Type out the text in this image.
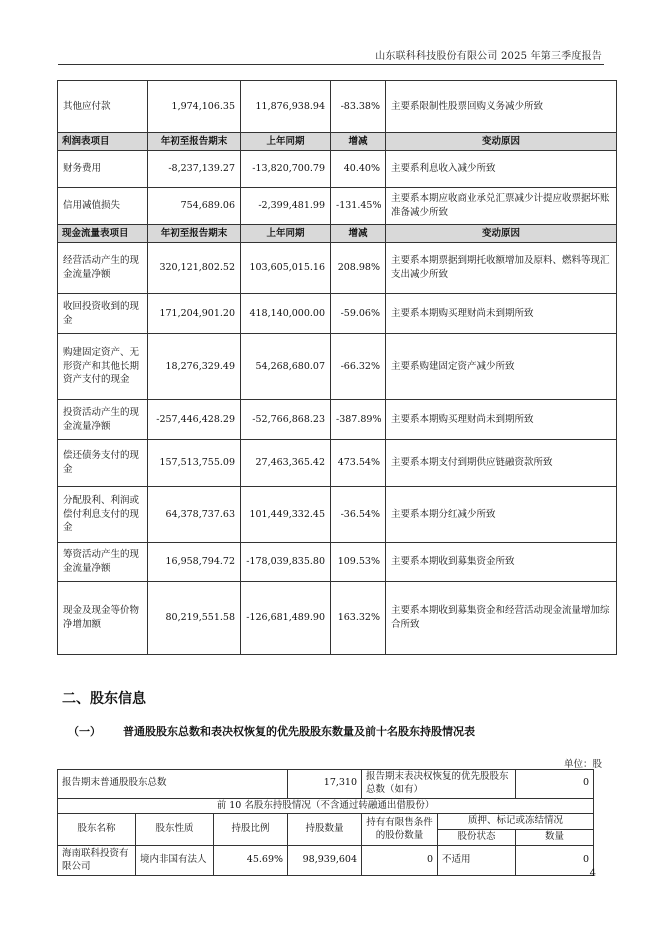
山东联科科技股份有限公司 2025 年第三季度报告
其他应付款	1,974,106.35	11,876,938.94	-83.38%	主要系限制性股票回购义务减少所致
利润表项目	年初至报告期末	上年同期	增减	变动原因
财务费用	-8,237,139.27	-13,820,700.79	40.40%	主要系利息收入减少所致
信用减值损失	754,689.06	-2,399,481.99	-131.45%	主要系本期应收商业承兑汇票减少计提应收票据坏账准备减少所致
现金流量表项目	年初至报告期末	上年同期	增减	变动原因
经营活动产生的现金流量净额	320,121,802.52	103,605,015.16	208.98%	主要系本期票据到期托收额增加及原料、燃料等现汇支出减少所致
收回投资收到的现金	171,204,901.20	418,140,000.00	-59.06%	主要系本期购买理财尚未到期所致
购建固定资产、无形资产和其他长期资产支付的现金	18,276,329.49	54,268,680.07	-66.32%	主要系购建固定资产减少所致
投资活动产生的现金流量净额	-257,446,428.29	-52,766,868.23	-387.89%	主要系本期购买理财尚未到期所致
偿还债务支付的现金	157,513,755.09	27,463,365.42	473.54%	主要系本期支付到期供应链融资款所致
分配股利、利润或偿付利息支付的现金	64,378,737.63	101,449,332.45	-36.54%	主要系本期分红减少所致
筹资活动产生的现金流量净额	16,958,794.72	-178,039,835.80	109.53%	主要系本期收到募集资金所致
现金及现金等价物净增加额	80,219,551.58	-126,681,489.90	163.32%	主要系本期收到募集资金和经营活动现金流量增加综合所致
二、股东信息
（一） 普通股股东总数和表决权恢复的优先股股东数量及前十名股东持股情况表
单位：股
报告期末普通股股东总数			17,310	报告期末表决权恢复的优先股股东总数（如有）		0
前 10 名股东持股情况（不含通过转融通出借股份）						
股东名称	股东性质	持股比例	持股数量	持有有限售条件的股份数量	质押、标记或冻结情况	
					股份状态	数量
海南联科投资有限公司	境内非国有法人	45.69%	98,939,604	0	不适用	0
4
